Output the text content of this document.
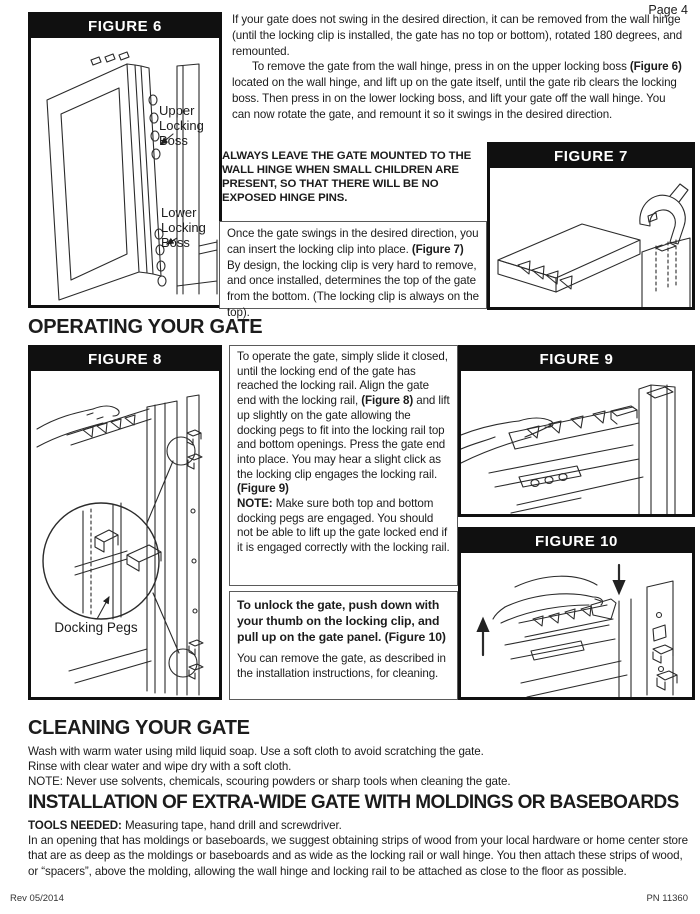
Page 4
FIGURE 6
Upper Locking Boss
Lower Locking Boss

If your gate does not swing in the desired direction, it can be removed from the wall hinge (until the locking clip is installed, the gate has no top or bottom), rotated 180 degrees, and remounted.

To remove the gate from the wall hinge, press in on the upper locking boss (Figure 6) located on the wall hinge, and lift up on the gate itself, until the gate rib clears the locking boss. Then press in on the lower locking boss, and lift your gate off the wall hinge. You can now rotate the gate, and remount it so it swings in the desired direction.

ALWAYS LEAVE THE GATE MOUNTED TO THE WALL HINGE WHEN SMALL CHILDREN ARE PRESENT, SO THAT THERE WILL BE NO EXPOSED HINGE PINS.
FIGURE 7

Once the gate swings in the desired direction, you can insert the locking clip into place. (Figure 7) By design, the locking clip is very hard to remove, and once installed, determines the top of the gate from the bottom. (The locking clip is always on the top).

OPERATING YOUR GATE
FIGURE 8
Docking Pegs

To operate the gate, simply slide it closed, until the locking end of the gate has reached the locking rail. Align the gate end with the locking rail, (Figure 8) and lift up slightly on the gate allowing the docking pegs to fit into the locking rail top and bottom openings. Press the gate end into place. You may hear a slight click as the locking clip engages the locking rail.
(Figure 9)
NOTE: Make sure both top and bottom docking pegs are engaged. You should not be able to lift up the gate locked end if it is engaged correctly with the locking rail.

To unlock the gate, push down with your thumb on the locking clip, and pull up on the gate panel. (Figure 10)

You can remove the gate, as described in the installation instructions, for cleaning.

FIGURE 9
FIGURE 10
CLEANING YOUR GATE

Wash with warm water using mild liquid soap. Use a soft cloth to avoid scratching the gate.

Rinse with clear water and wipe dry with a soft cloth.

NOTE: Never use solvents, chemicals, scouring powders or sharp tools when cleaning the gate.

INSTALLATION OF EXTRA-WIDE GATE WITH MOLDINGS OR BASEBOARDS

TOOLS NEEDED: Measuring tape, hand drill and screwdriver.

In an opening that has moldings or baseboards, we suggest obtaining strips of wood from your local hardware or home center store that are as deep as the moldings or baseboards and as wide as the locking rail or wall hinge. You then attach these strips of wood, or “spacers”, above the molding, allowing the wall hinge and locking rail to be attached as close to the floor as possible.

Rev 05/2014	PN 11360
